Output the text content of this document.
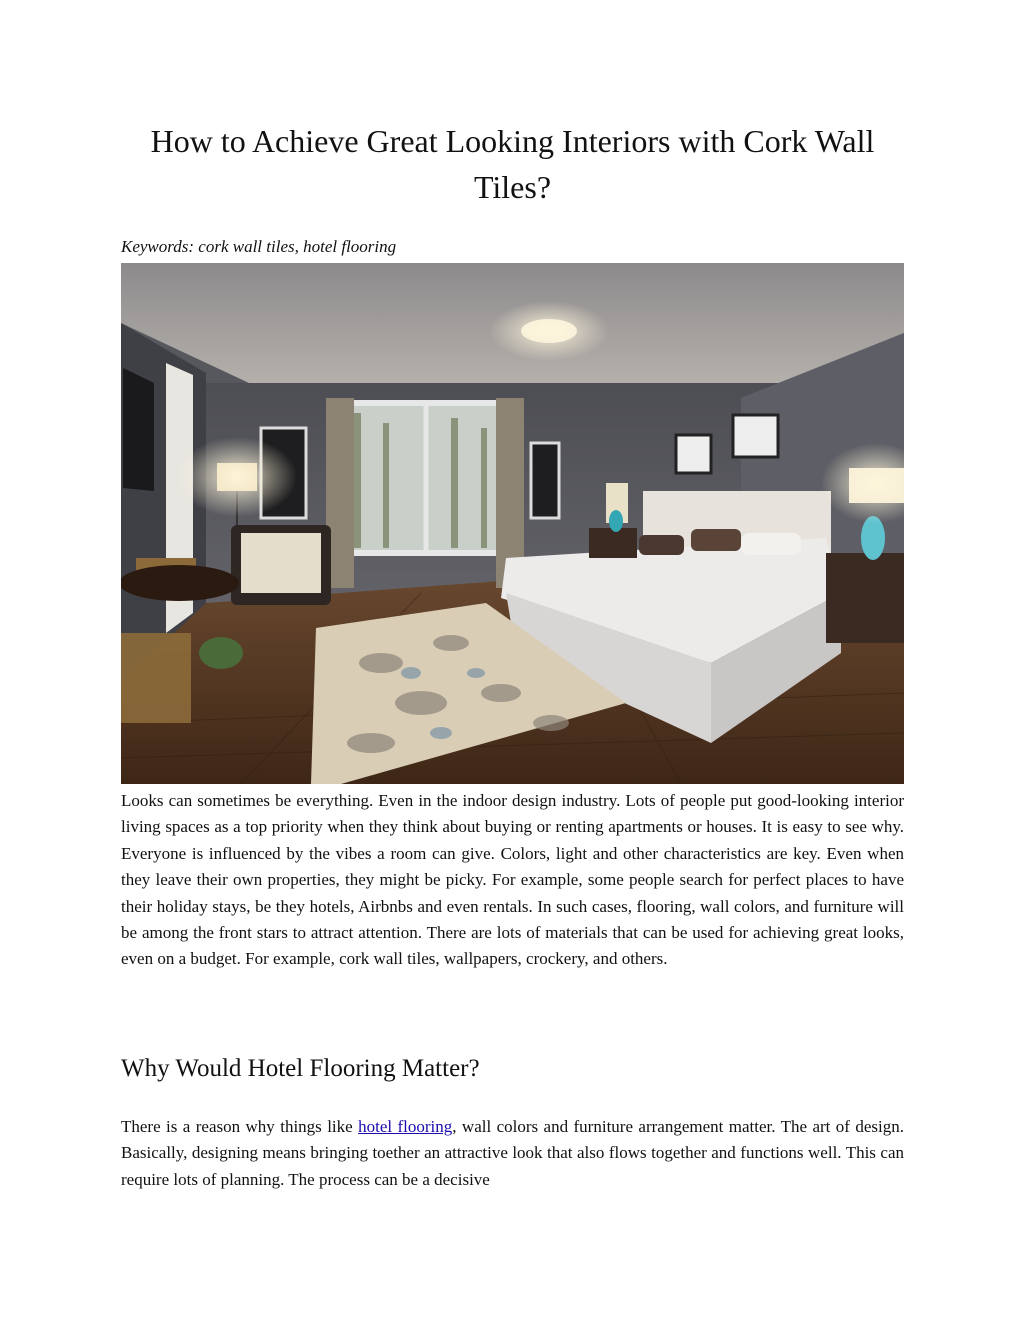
How to Achieve Great Looking Interiors with Cork Wall Tiles?
Keywords: cork wall tiles, hotel flooring

Looks can sometimes be everything. Even in the indoor design industry. Lots of people put good-looking interior living spaces as a top priority when they think about buying or renting apartments or houses. It is easy to see why. Everyone is influenced by the vibes a room can give. Colors, light and other characteristics are key. Even when they leave their own properties, they might be picky. For example, some people search for perfect places to have their holiday stays, be they hotels, Airbnbs and even rentals. In such cases, flooring, wall colors, and furniture will be among the front stars to attract attention. There are lots of materials that can be used for achieving great looks, even on a budget. For example, cork wall tiles, wallpapers, crockery, and others.

Why Would Hotel Flooring Matter?

There is a reason why things like hotel flooring, wall colors and furniture arrangement matter. The art of design. Basically, designing means bringing toether an attractive look that also flows together and functions well. This can require lots of planning. The process can be a decisive
